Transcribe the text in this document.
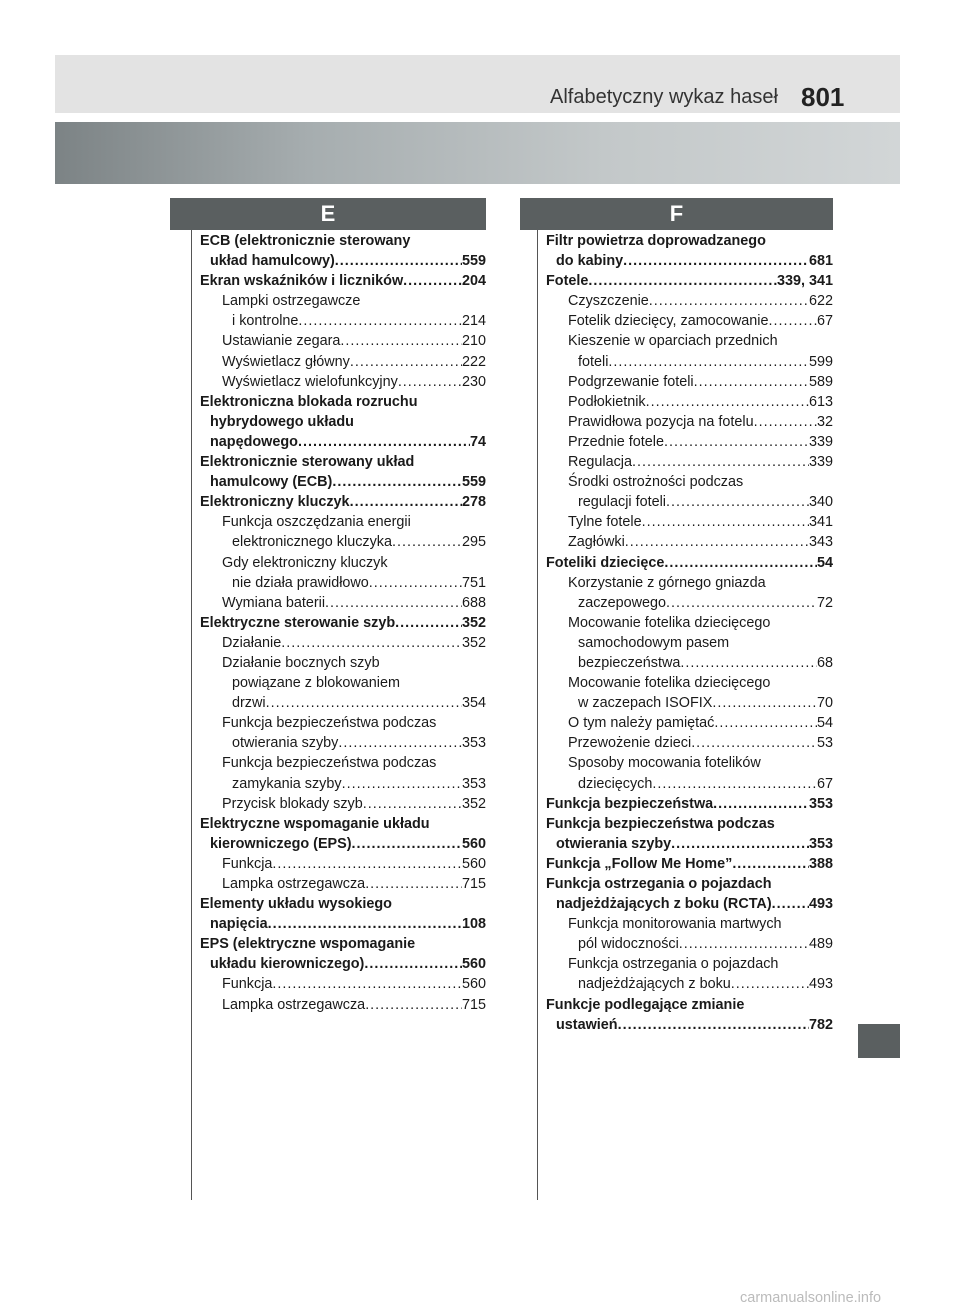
Alfabetyczny wykaz haseł 801
E	F
ECB (elektronicznie sterowany
układ hamulcowy) .....	559
Ekran wskaźników i liczników .....	204
Lampki ostrzegawcze
i kontrolne .....	214
Ustawianie zegara .....	210
Wyświetlacz główny .....	222
Wyświetlacz wielofunkcyjny .....	230
Elektroniczna blokada rozruchu
hybrydowego układu
napędowego .....	74
Elektronicznie sterowany układ
hamulcowy (ECB) .....	559
Elektroniczny kluczyk .....	278
Funkcja oszczędzania energii
elektronicznego kluczyka .....	295
Gdy elektroniczny kluczyk
nie działa prawidłowo .....	751
Wymiana baterii .....	688
Elektryczne sterowanie szyb .....	352
Działanie .....	352
Działanie bocznych szyb
powiązane z blokowaniem
drzwi .....	354
Funkcja bezpieczeństwa podczas
otwierania szyby .....	353
Funkcja bezpieczeństwa podczas
zamykania szyby .....	353
Przycisk blokady szyb .....	352
Elektryczne wspomaganie układu
kierowniczego (EPS) .....	560
Funkcja .....	560
Lampka ostrzegawcza .....	715
Elementy układu wysokiego
napięcia .....	108
EPS (elektryczne wspomaganie
układu kierowniczego) .....	560
Funkcja .....	560
Lampka ostrzegawcza .....	715
Filtr powietrza doprowadzanego
do kabiny .....	681
Fotele .....	339, 341
Czyszczenie .....	622
Fotelik dziecięcy, zamocowanie .....	67
Kieszenie w oparciach przednich
foteli .....	599
Podgrzewanie foteli .....	589
Podłokietnik .....	613
Prawidłowa pozycja na fotelu .....	32
Przednie fotele .....	339
Regulacja .....	339
Środki ostrożności podczas
regulacji foteli .....	340
Tylne fotele .....	341
Zagłówki .....	343
Foteliki dziecięce .....	54
Korzystanie z górnego gniazda
zaczepowego .....	72
Mocowanie fotelika dziecięcego
samochodowym pasem
bezpieczeństwa .....	68
Mocowanie fotelika dziecięcego
w zaczepach ISOFIX .....	70
O tym należy pamiętać .....	54
Przewożenie dzieci .....	53
Sposoby mocowania fotelików
dziecięcych .....	67
Funkcja bezpieczeństwa .....	353
Funkcja bezpieczeństwa podczas
otwierania szyby .....	353
Funkcja „Follow Me Home” .....	388
Funkcja ostrzegania o pojazdach
nadjeżdżających z boku (RCTA) .....	493
Funkcja monitorowania martwych
pól widoczności .....	489
Funkcja ostrzegania o pojazdach
nadjeżdżających z boku .....	493
Funkcje podlegające zmianie
ustawień .....	782
carmanualsonline.info
